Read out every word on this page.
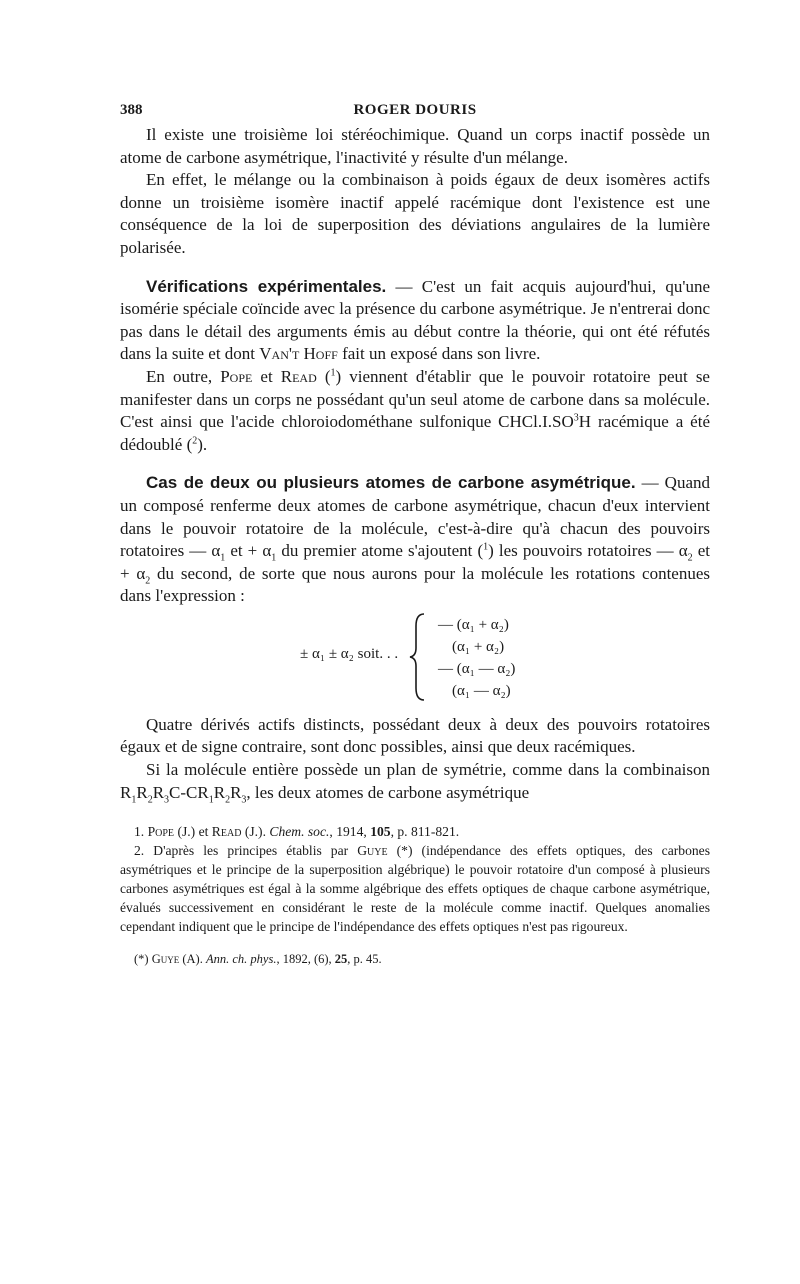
388	ROGER DOURIS

Il existe une troisième loi stéréochimique. Quand un corps inactif possède un atome de carbone asymétrique, l'inactivité y résulte d'un mélange.

En effet, le mélange ou la combinaison à poids égaux de deux isomères actifs donne un troisième isomère inactif appelé racémique dont l'existence est une conséquence de la loi de superposition des déviations angulaires de la lumière polarisée.

Vérifications expérimentales. — C'est un fait acquis aujourd'hui, qu'une isomérie spéciale coïncide avec la présence du carbone asymétrique. Je n'entrerai donc pas dans le détail des arguments émis au début contre la théorie, qui ont été réfutés dans la suite et dont Van't Hoff fait un exposé dans son livre.

En outre, Pope et Read ($^1$) viennent d'établir que le pouvoir rotatoire peut se manifester dans un corps ne possédant qu'un seul atome de carbone dans sa molécule. C'est ainsi que l'acide chloroiodométhane sulfonique $CHCl.I.SO^3H$ racémique a été dédoublé ($^2$).

Cas de deux ou plusieurs atomes de carbone asymétrique. — Quand un composé renferme deux atomes de carbone asymétrique, chacun d'eux intervient dans le pouvoir rotatoire de la molécule, c'est-à-dire qu'à chacun des pouvoirs rotatoires — $\alpha_1$ et + $\alpha_1$ du premier atome s'ajoutent ($^1$) les pouvoirs rotatoires — $\alpha_2$ et + $\alpha_2$ du second, de sorte que nous aurons pour la molécule les rotations contenues dans l'expression :

± α₁ ± α₂ soit. . .
— (α₁ + α₂)
(α₁ + α₂)
— (α₁ — α₂)
(α₁ — α₂)

Quatre dérivés actifs distincts, possédant deux à deux des pouvoirs rotatoires égaux et de signe contraire, sont donc possibles, ainsi que deux racémiques.

Si la molécule entière possède un plan de symétrie, comme dans la combinaison $R_1R_2R_3C-CR_1R_2R_3$, les deux atomes de carbone asymétrique

1. Pope (J.) et Read (J.). Chem. soc., 1914, 105, p. 811-821.

2. D'après les principes établis par Guye (*) (indépendance des effets optiques, des carbones asymétriques et le principe de la superposition algébrique) le pouvoir rotatoire d'un composé à plusieurs carbones asymétriques est égal à la somme algébrique des effets optiques de chaque carbone asymétrique, évalués successivement en considérant le reste de la molécule comme inactif. Quelques anomalies cependant indiquent que le principe de l'indépendance des effets optiques n'est pas rigoureux.

(*) Guye (A). Ann. ch. phys., 1892, (6), 25, p. 45.
